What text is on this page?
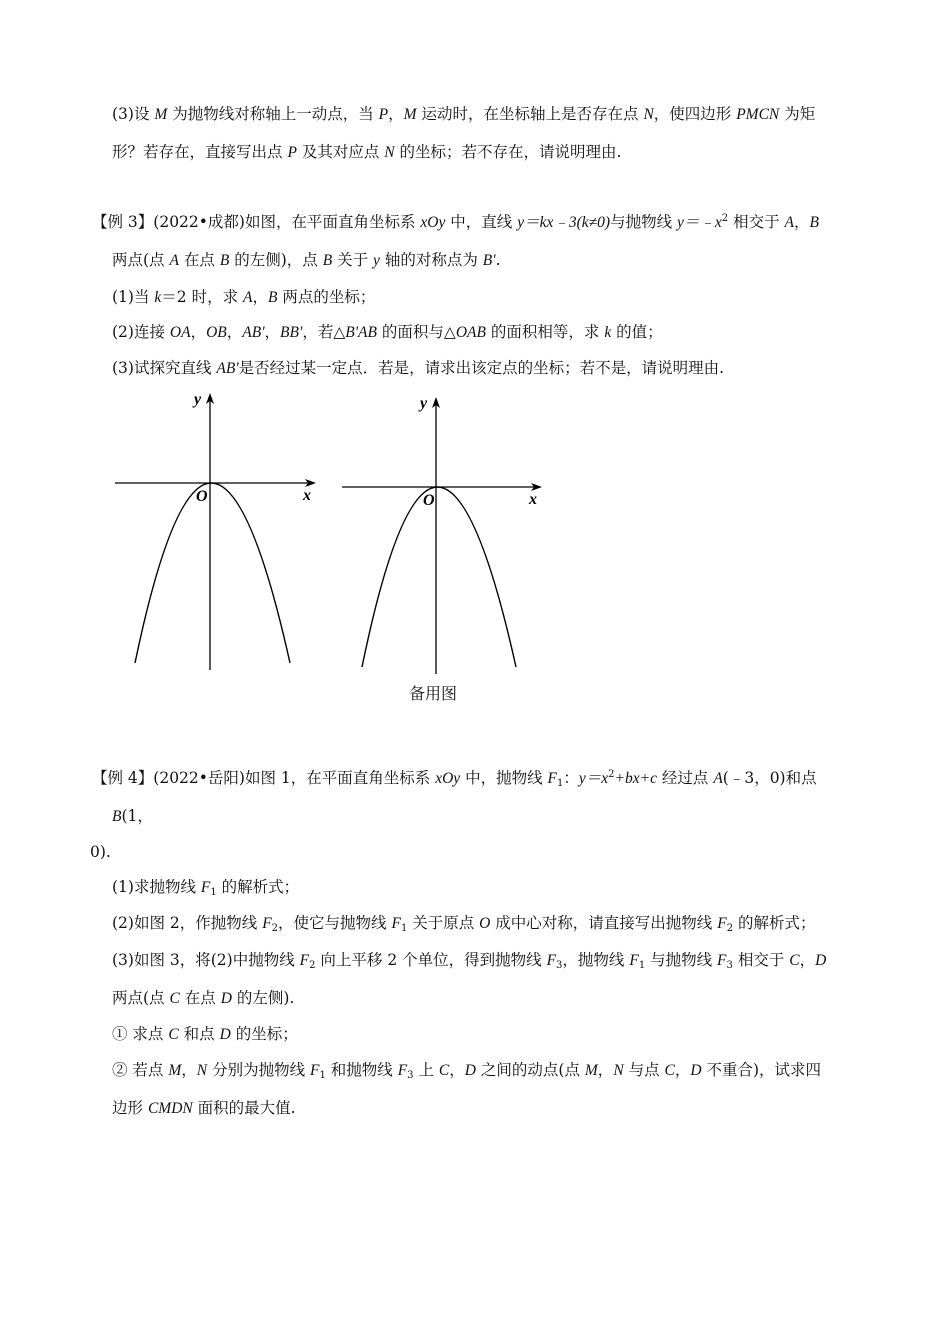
(3)设 M 为抛物线对称轴上一动点，当 P，M 运动时，在坐标轴上是否存在点 N，使四边形 PMCN 为矩
形？若存在，直接写出点 P 及其对应点 N 的坐标；若不存在，请说明理由.
【例 3】(2022•成都)如图，在平面直角坐标系 xOy 中，直线 y＝kx﹣3(k≠0)与抛物线 $y=﹣x^2$ 相交于 A，B
两点(点 A 在点 B 的左侧)，点 B 关于 y 轴的对称点为 B'.
(1)当 k＝2 时，求 A，B 两点的坐标；
(2)连接 OA，OB，AB'，BB'，若△B'AB 的面积与△OAB 的面积相等，求 k 的值；
(3)试探究直线 AB'是否经过某一定点．若是，请求出该定点的坐标；若不是，请说明理由.
y
x
O
y
x
O
备用图
【例 4】(2022•岳阳)如图 1，在平面直角坐标系 xOy 中，抛物线 $F_1$：$y=x^2+bx+c$ 经过点 A(﹣3，0)和点
B(1，
0).
(1)求抛物线 $F_1$ 的解析式；
(2)如图 2，作抛物线 $F_2$，使它与抛物线 $F_1$ 关于原点 O 成中心对称，请直接写出抛物线 $F_2$ 的解析式；
(3)如图 3，将(2)中抛物线 $F_2$ 向上平移 2 个单位，得到抛物线 $F_3$，抛物线 $F_1$ 与抛物线 $F_3$ 相交于 C，D
两点(点 C 在点 D 的左侧).
① 求点 C 和点 D 的坐标；
② 若点 M，N 分别为抛物线 $F_1$ 和抛物线 $F_3$ 上 C，D 之间的动点(点 M，N 与点 C，D 不重合)，试求四
边形 CMDN 面积的最大值.
